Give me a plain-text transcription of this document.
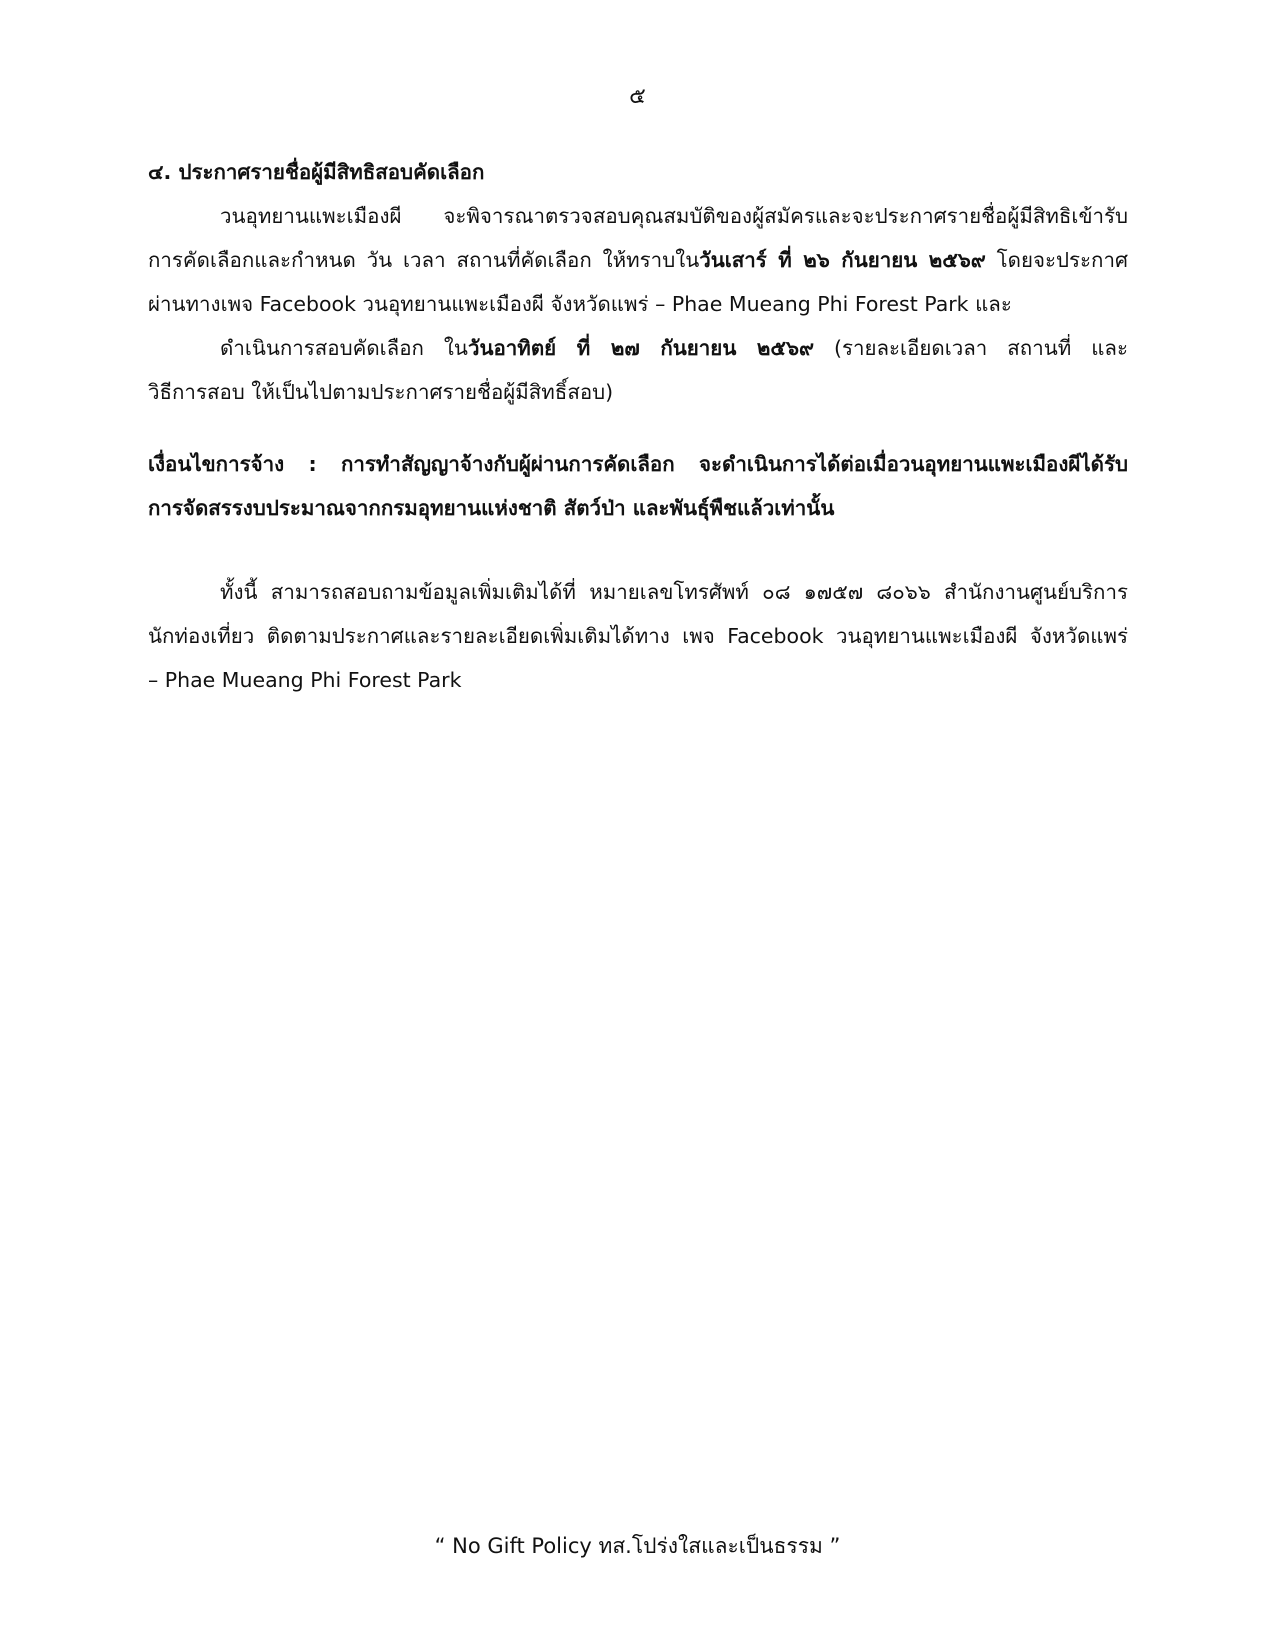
๕
๔. ประกาศรายชื่อผู้มีสิทธิสอบคัดเลือก
วนอุทยานแพะเมืองผี จะพิจารณาตรวจสอบคุณสมบัติของผู้สมัครและจะประกาศรายชื่อผู้มีสิทธิเข้ารับ
การคัดเลือกและกำหนด วัน เวลา สถานที่คัดเลือก ให้ทราบในวันเสาร์ ที่ ๒๖ กันยายน ๒๕๖๙ โดยจะประกาศ
ผ่านทางเพจ Facebook วนอุทยานแพะเมืองผี จังหวัดแพร่ – Phae Mueang Phi Forest Park และ
ดำเนินการสอบคัดเลือก ในวันอาทิตย์ ที่ ๒๗ กันยายน ๒๕๖๙ (รายละเอียดเวลา สถานที่ และ
วิธีการสอบ ให้เป็นไปตามประกาศรายชื่อผู้มีสิทธิ์สอบ)
เงื่อนไขการจ้าง : การทำสัญญาจ้างกับผู้ผ่านการคัดเลือก จะดำเนินการได้ต่อเมื่อวนอุทยานแพะเมืองผีได้รับ
การจัดสรรงบประมาณจากกรมอุทยานแห่งชาติ สัตว์ป่า และพันธุ์พืชแล้วเท่านั้น
ทั้งนี้ สามารถสอบถามข้อมูลเพิ่มเติมได้ที่ หมายเลขโทรศัพท์ ๐๘ ๑๗๕๗ ๘๐๖๖ สำนักงานศูนย์บริการ
นักท่องเที่ยว ติดตามประกาศและรายละเอียดเพิ่มเติมได้ทาง เพจ Facebook วนอุทยานแพะเมืองผี จังหวัดแพร่
– Phae Mueang Phi Forest Park
“ No Gift Policy ทส.โปร่งใสและเป็นธรรม ”
